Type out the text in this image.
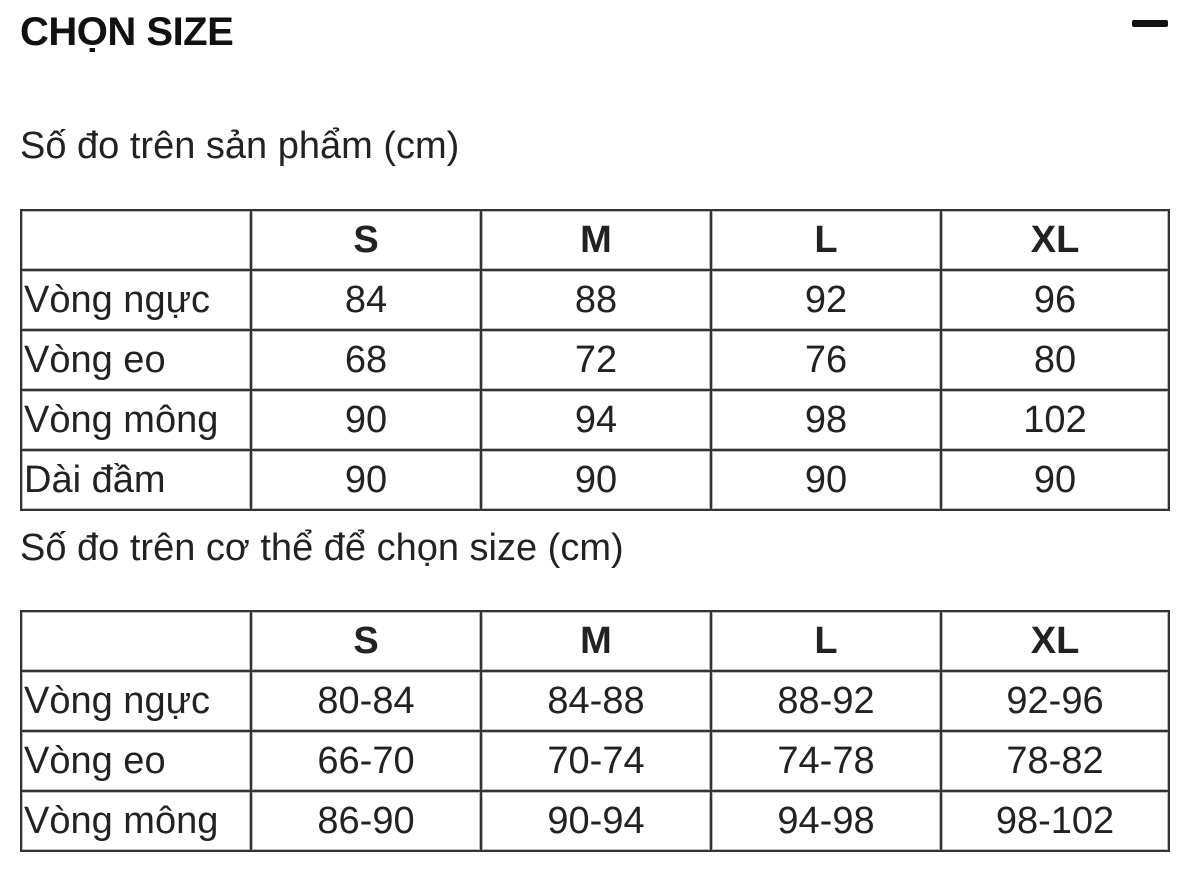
CHỌN SIZE
Số đo trên sản phẩm (cm)
	S	M	L	XL
Vòng ngực	84	88	92	96
Vòng eo	68	72	76	80
Vòng mông	90	94	98	102
Dài đầm	90	90	90	90
Số đo trên cơ thể để chọn size (cm)
	S	M	L	XL
Vòng ngực	80-84	84-88	88-92	92-96
Vòng eo	66-70	70-74	74-78	78-82
Vòng mông	86-90	90-94	94-98	98-102
